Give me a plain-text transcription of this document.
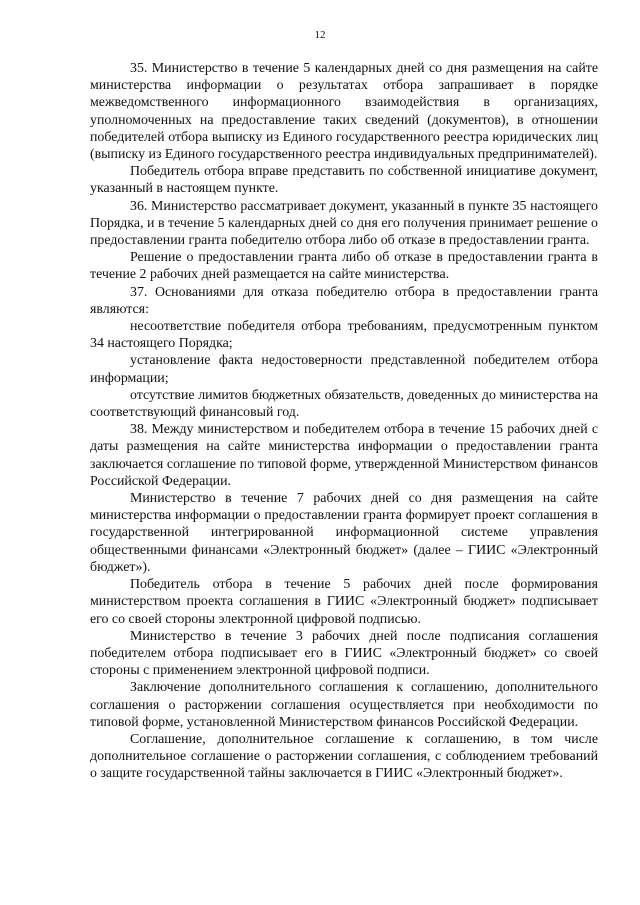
12

35. Министерство в течение 5 календарных дней со дня размещения на сайте министерства информации о результатах отбора запрашивает в порядке межведомственного информационного взаимодействия в организациях, уполномоченных на предоставление таких сведений (документов), в отношении победителей отбора выписку из Единого государственного реестра юридических лиц (выписку из Единого государственного реестра индивидуальных предпринимателей).

Победитель отбора вправе представить по собственной инициативе документ, указанный в настоящем пункте.

36. Министерство рассматривает документ, указанный в пункте 35 настоящего Порядка, и в течение 5 календарных дней со дня его получения принимает решение о предоставлении гранта победителю отбора либо об отказе в предоставлении гранта.

Решение о предоставлении гранта либо об отказе в предоставлении гранта в течение 2 рабочих дней размещается на сайте министерства.

37. Основаниями для отказа победителю отбора в предоставлении гранта являются:

несоответствие победителя отбора требованиям, предусмотренным пунктом 34 настоящего Порядка;

установление факта недостоверности представленной победителем отбора информации;

отсутствие лимитов бюджетных обязательств, доведенных до министерства на соответствующий финансовый год.

38. Между министерством и победителем отбора в течение 15 рабочих дней с даты размещения на сайте министерства информации о предоставлении гранта заключается соглашение по типовой форме, утвержденной Министерством финансов Российской Федерации.

Министерство в течение 7 рабочих дней со дня размещения на сайте министерства информации о предоставлении гранта формирует проект соглашения в государственной интегрированной информационной системе управления общественными финансами «Электронный бюджет» (далее – ГИИС «Электронный бюджет»).

Победитель отбора в течение 5 рабочих дней после формирования министерством проекта соглашения в ГИИС «Электронный бюджет» подписывает его со своей стороны электронной цифровой подписью.

Министерство в течение 3 рабочих дней после подписания соглашения победителем отбора подписывает его в ГИИС «Электронный бюджет» со своей стороны с применением электронной цифровой подписи.

Заключение дополнительного соглашения к соглашению, дополнительного соглашения о расторжении соглашения осуществляется при необходимости по типовой форме, установленной Министерством финансов Российской Федерации.

Соглашение, дополнительное соглашение к соглашению, в том числе дополнительное соглашение о расторжении соглашения, с соблюдением требований о защите государственной тайны заключается в ГИИС «Электронный бюджет».
